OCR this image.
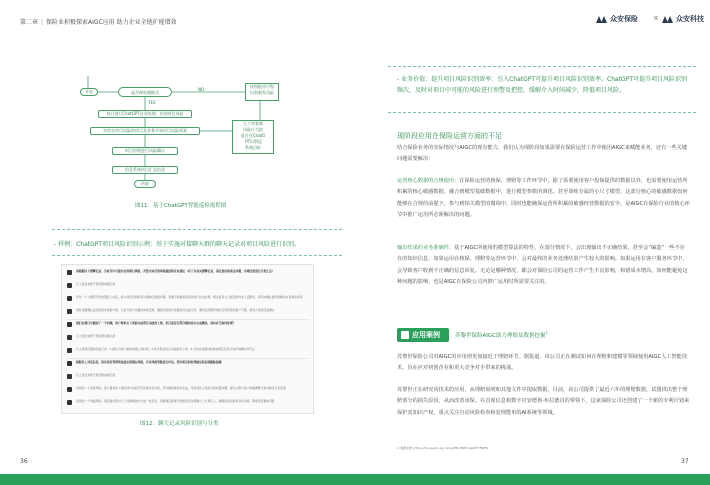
第二章 | 保险业积极探索AIGC应用 助力企业全链扩能增效	众安保险 × 众安科技
开始	是否AI处理模式
YES
NO
每日进行ChatGPT自动处理，识别项目风险
对存在项目风险的项目及业务开展项目风险预案
项目经理进行风险确认
信息系统项目汇总信息
结束
按照批评行程
识别新发风险
人工审查新
风险应当的
是否在ChatG
PT识别反
系统目标
图11：基于ChatGPT智能巡检流程图
- 样例：ChatGPT项目风险识别示例：基于实施对接聊天群的聊天记录对项目风险进行识别。
请根据以下群聊记录，分析其中可能存在的项目风险，并给出对应的风险描述和应对建议（以下为真实群聊记录，请注意识别重点问题，并将结果进行分类汇总）
以上信息来源于项目群沟通记录
开发一个大模型平台的项目上线后，客户使用反馈系统出现响应慢的问题，需要尽快排查原因并进行优化处理，相关负责人已经安排技术人员跟进，请尽快确认最终的解决方案和时间表
同时需要确认后续的版本更新计划，以及与客户沟通的具体安排，确保项目按计划推进并完成交付，避免因延期导致的合同风险和客户不满，请各方及时回复确认
我们在项目中遇到了一个问题，客户要求在下周前完成所有功能的上线，但目前还有部分模块尚未完成测试，请问应当如何处理？
以上信息来源于项目群沟通记录
以上是项目组的回复记录：1.建议与客户重新沟通上线时间；2.优先保证核心功能按时上线；3.对未完成测试的模块制定补充计划并明确时间节点
根据以上对话信息，请从项目管理的角度识别潜在风险，并对风险等级进行评估，给出相应的处理建议和后续跟踪措施
以上信息来源于项目群沟通记录
识别到一个进度风险：客户要求的上线时间与实际开发进度存在冲突，部分模块测试未完成，可能导致上线后出现质量问题，建议立即与客户沟通调整计划并制定应急预案
识别到一个沟通风险：项目组内部对于上线策略尚未达成一致意见，需要项目经理尽快组织会议明确分工与责任人，确保信息同步和及时决策，降低项目整体风险
图12：聊天记录风险识别与分类
36
- 业务价值：提升项目风险识别效率：引入ChatGPT可提升项目风险识别效率。ChatGPT可提升项目风险识别频次，及时对项目中可能的风险进行预警及把控，缓解介入时间减少，降低项目风险。
现阶段应用在保险运营方面的不足
结合保险业务的实际情况与AIGC的现有能力，我们认为现阶段如果需要在保险运营工作中使用AIGC来赋能业务，还有一些关键问题需要解决：
运营核心数据的合规使用：在保险运营的核保、理赔等工作环节中，除了需要使用客户投保提供的数据以外，也需要使用运营所积累的核心敏感数据，融合到模型基础数据中，进行模型参数的调优。甚至训练专属的小尺寸模型。这部分核心的敏感数据如何能够在合规的前提下，参与到相关模型的微调中，同时也能确保运营所积累的敏感经营数据的安全，是AIGC在保险行业的核心环节中推广运用所必须解决的问题。
输出结果的业务准确性：基于AIGC所使用的模型算法的特性，在部分情况下，会出现输出不正确结果，甚至会“编造”一些不存在的知识信息，如果运用在核保、理赔等运营环节中，会对最终的业务处理结果产生较大的影响。如果运用在客户服务环节中，会导致客户收到不正确的信息回复。无论是哪种情况，都会对保险公司的运营工作产生不良影响，和错成本增高。如何能避免这种问题的影响，也是AIGC在保险公司内推广运用时所需要关注的。
应用案例	苏黎世保险AIGC助力理赔及数据挖掘$^2$
苏黎世保险公司对AIGC的应用则更加接近于理赔环节。据报道，该公司正在测试如何在理赔和建模等领域使用AIGC人工智能技术，旨在应对初创企业和更大竞争对手带来的挑战。
苏黎世正在研究该技术的应用，从理赔说明和其他文件中提取数据。目前，该公司提供了最近六年的理赔数据，试图找出整个理赔部分的损失原因，从而改善承保。在首席信息和数字官安德鲁·布拉德肖的带领下，这家保险公司还创建了一个新的专利计划来保护其知识产权，重点关注自动风险检查和处理能单的AI系统等领域。
2. 数据来源 | https://mp.weixin.qq.com/s/P8t-3NtHkrljw1RF7fNPFQ
37
